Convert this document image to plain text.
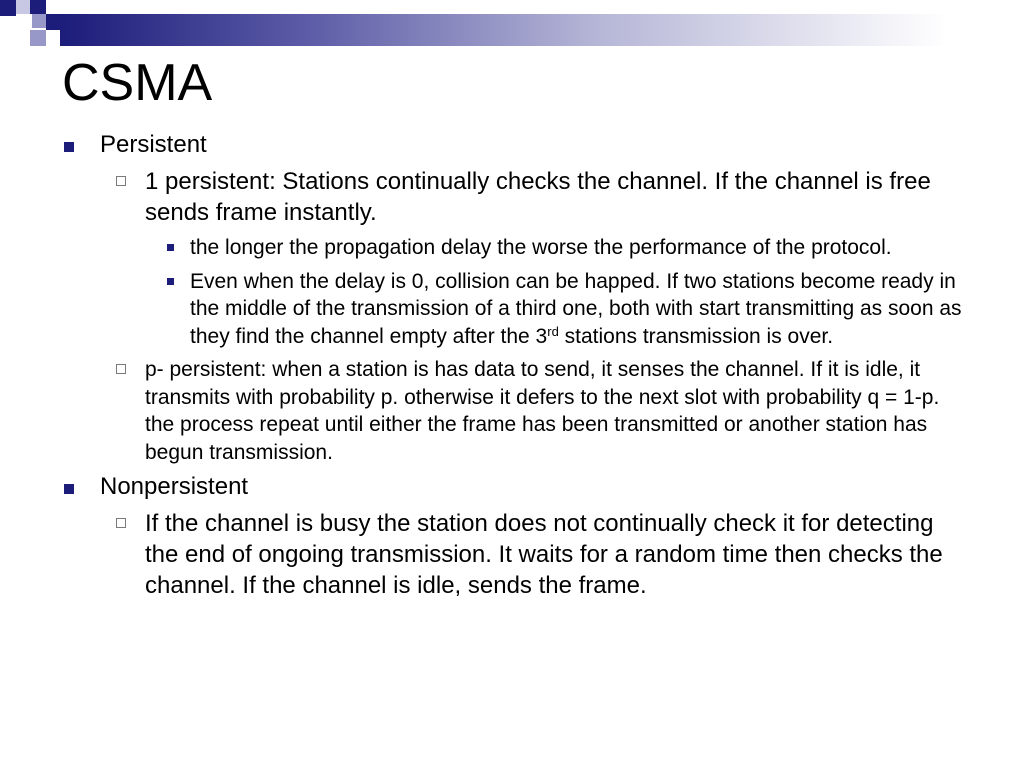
CSMA
Persistent
1 persistent: Stations continually checks the channel. If the channel is free sends frame instantly.
the longer the propagation delay the worse the performance of the protocol.
Even when the delay is 0, collision can be happed. If two stations become ready in the middle of the transmission of a third one, both with start transmitting as soon as they find the channel empty after the 3rd stations transmission is over.
p- persistent: when a station is has data to send, it senses the channel. If it is idle, it transmits with probability p. otherwise it defers to the next slot with probability q = 1-p. the process repeat until either the frame has been transmitted or another station has begun transmission.
Nonpersistent
If the channel is busy the station does not continually check it for detecting the end of ongoing transmission. It waits for a random time then checks the channel. If the channel is idle, sends the frame.
